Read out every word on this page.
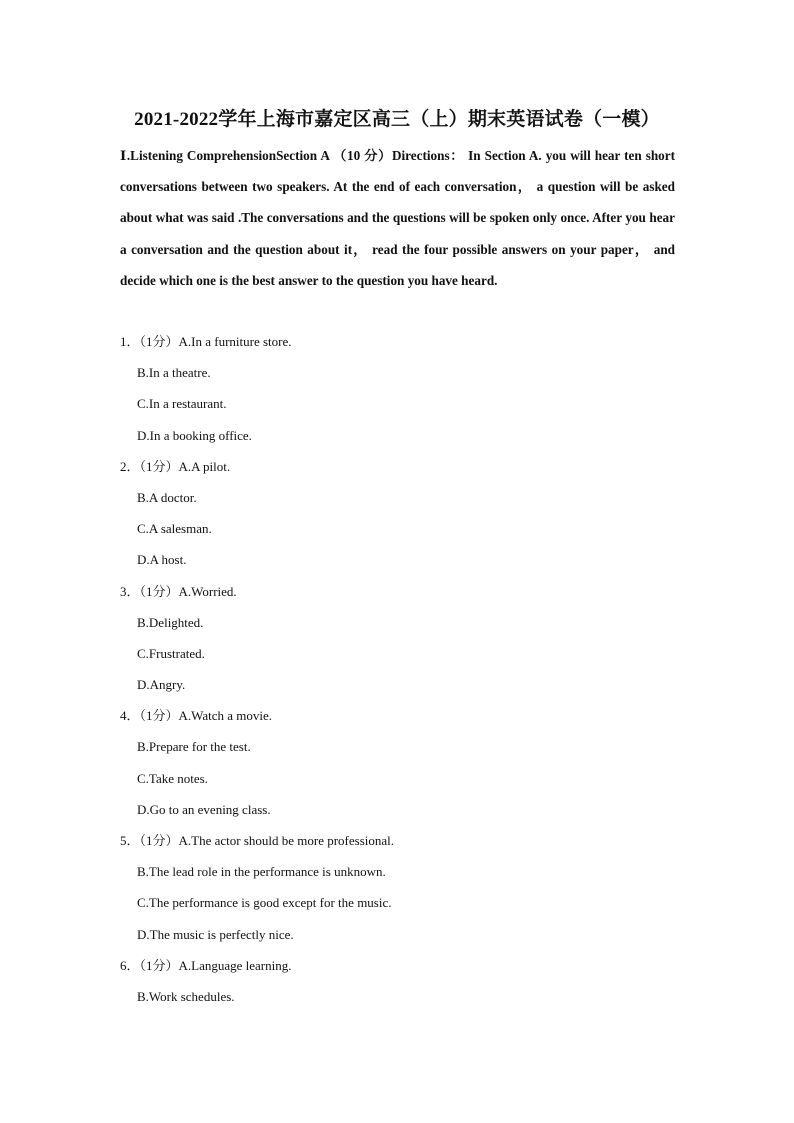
2021-2022学年上海市嘉定区高三（上）期末英语试卷（一模）
Ⅰ.Listening ComprehensionSection A （10 分）Directions： In Section A. you will hear ten short conversations between two speakers. At the end of each conversation， a question will be asked about what was said .The conversations and the questions will be spoken only once. After you hear a conversation and the question about it， read the four possible answers on your paper， and decide which one is the best answer to the question you have heard.
1．（1分）A.In a furniture store.
B.In a theatre.
C.In a restaurant.
D.In a booking office.
2．（1分）A.A pilot.
B.A doctor.
C.A salesman.
D.A host.
3．（1分）A.Worried.
B.Delighted.
C.Frustrated.
D.Angry.
4．（1分）A.Watch a movie.
B.Prepare for the test.
C.Take notes.
D.Go to an evening class.
5．（1分）A.The actor should be more professional.
B.The lead role in the performance is unknown.
C.The performance is good except for the music.
D.The music is perfectly nice.
6．（1分）A.Language learning.
B.Work schedules.
